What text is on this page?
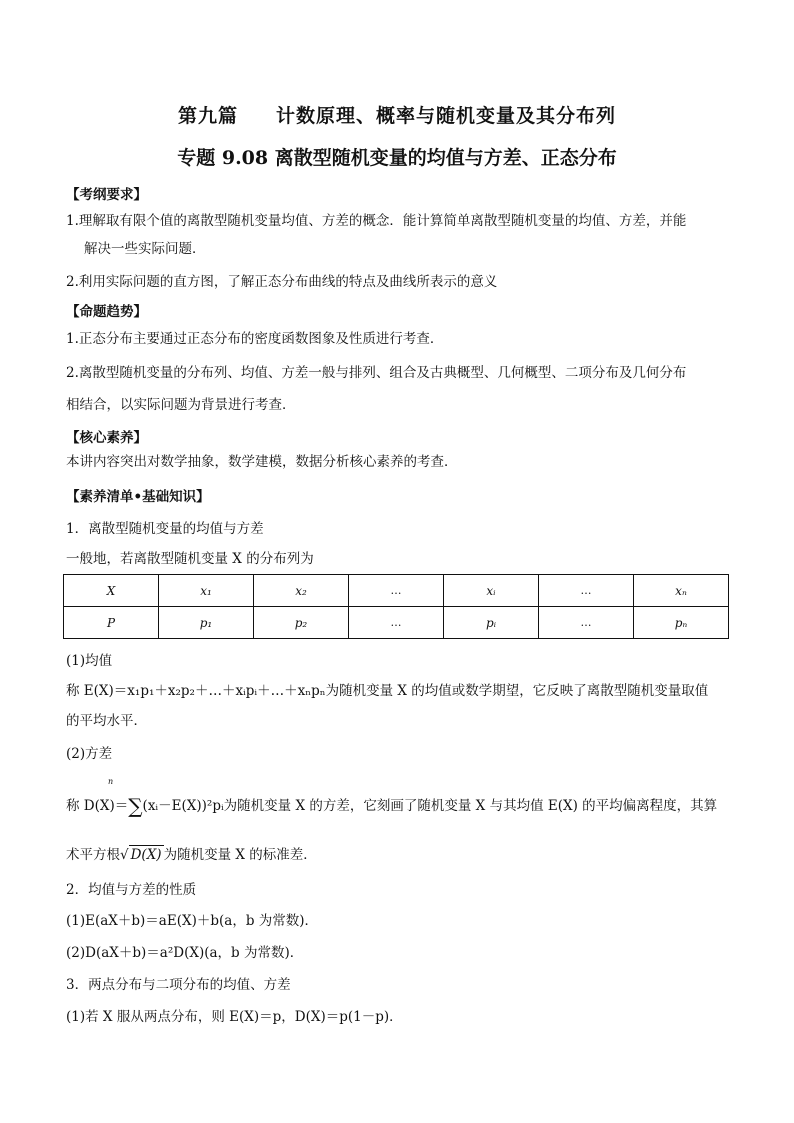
第九篇 计数原理、概率与随机变量及其分布列
专题 9.08 离散型随机变量的均值与方差、正态分布
【考纲要求】
1.理解取有限个值的离散型随机变量均值、方差的概念．能计算简单离散型随机变量的均值、方差，并能
解决一些实际问题．
2.利用实际问题的直方图，了解正态分布曲线的特点及曲线所表示的意义
【命题趋势】
1.正态分布主要通过正态分布的密度函数图象及性质进行考查．
2.离散型随机变量的分布列、均值、方差一般与排列、组合及古典概型、几何概型、二项分布及几何分布
相结合，以实际问题为背景进行考查．
【核心素养】
本讲内容突出对数学抽象，数学建模，数据分析核心素养的考查．
【素养清单•基础知识】
1．离散型随机变量的均值与方差
一般地，若离散型随机变量 X 的分布列为
X	x₁	x₂	…	xᵢ	…	xₙ
P	p₁	p₂	…	pᵢ	…	pₙ
(1)均值
称 E(X)＝x₁p₁＋x₂p₂＋…＋xᵢpᵢ＋…＋xₙpₙ为随机变量 X 的均值或数学期望，它反映了离散型随机变量取值
的平均水平．
(2)方差
n
称 D(X)＝∑(xᵢ－E(X))²pᵢ为随机变量 X 的方差，它刻画了随机变量 X 与其均值 E(X) 的平均偏离程度，其算
术平方根√ D(X) 为随机变量 X 的标准差．
2．均值与方差的性质
(1)E(aX＋b)＝aE(X)＋b(a，b 为常数)．
(2)D(aX＋b)＝a²D(X)(a，b 为常数)．
3．两点分布与二项分布的均值、方差
(1)若 X 服从两点分布，则 E(X)＝p，D(X)＝p(1－p)．
